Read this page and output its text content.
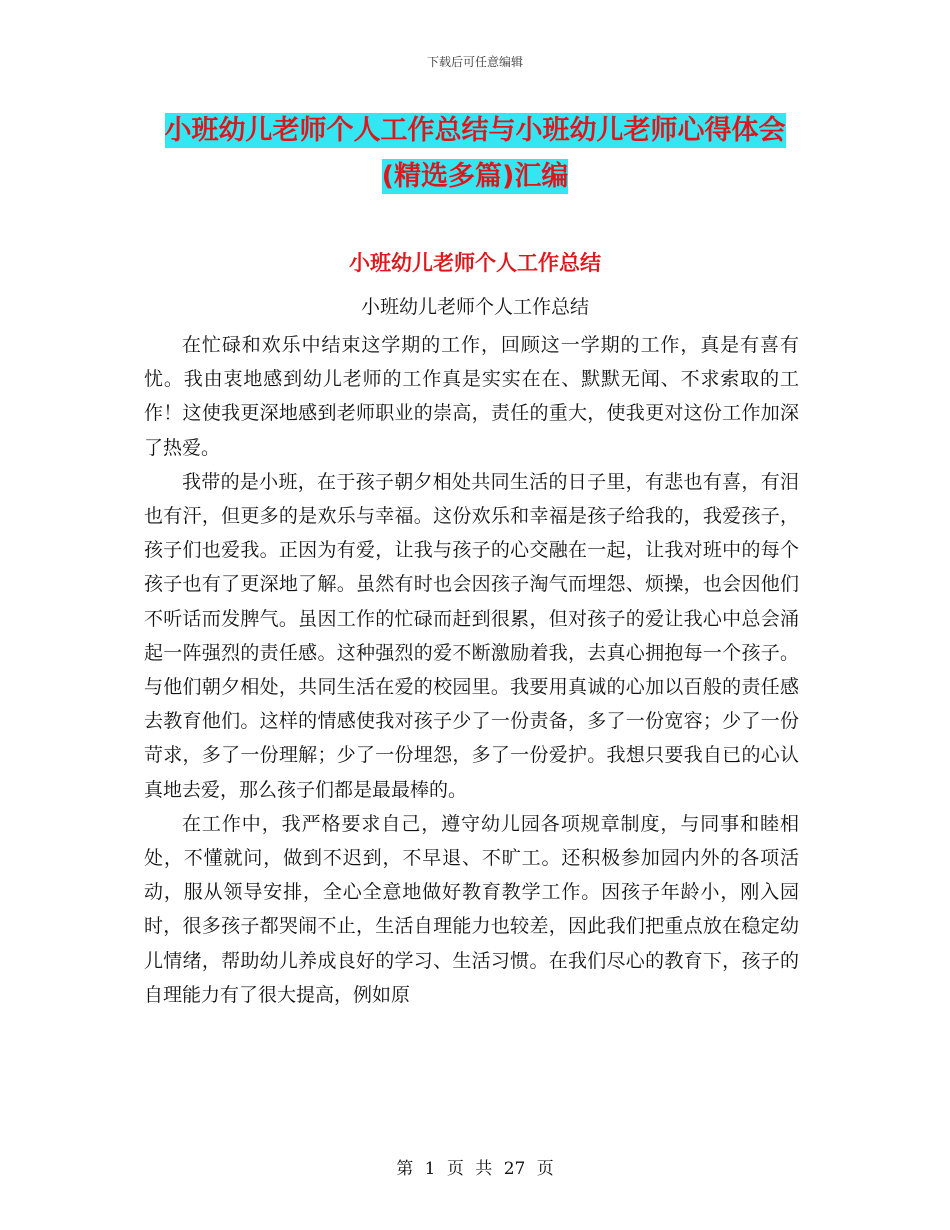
下载后可任意编辑
小班幼儿老师个人工作总结与小班幼儿老师心得体会
(精选多篇)汇编
小班幼儿老师个人工作总结
小班幼儿老师个人工作总结

在忙碌和欢乐中结束这学期的工作，回顾这一学期的工作，真是有喜有忧。我由衷地感到幼儿老师的工作真是实实在在、默默无闻、不求索取的工作！这使我更深地感到老师职业的崇高，责任的重大，使我更对这份工作加深了热爱。

我带的是小班，在于孩子朝夕相处共同生活的日子里，有悲也有喜，有泪也有汗，但更多的是欢乐与幸福。这份欢乐和幸福是孩子给我的，我爱孩子，孩子们也爱我。正因为有爱，让我与孩子的心交融在一起，让我对班中的每个孩子也有了更深地了解。虽然有时也会因孩子淘气而埋怨、烦操，也会因他们不听话而发脾气。虽因工作的忙碌而赶到很累，但对孩子的爱让我心中总会涌起一阵强烈的责任感。这种强烈的爱不断激励着我，去真心拥抱每一个孩子。与他们朝夕相处，共同生活在爱的校园里。我要用真诚的心加以百般的责任感去教育他们。这样的情感使我对孩子少了一份责备，多了一份宽容；少了一份苛求，多了一份理解；少了一份埋怨，多了一份爱护。我想只要我自已的心认真地去爱，那么孩子们都是最最棒的。

在工作中，我严格要求自己，遵守幼儿园各项规章制度，与同事和睦相处，不懂就问，做到不迟到，不早退、不旷工。还积极参加园内外的各项活动，服从领导安排，全心全意地做好教育教学工作。因孩子年龄小，刚入园时，很多孩子都哭闹不止，生活自理能力也较差，因此我们把重点放在稳定幼儿情绪，帮助幼儿养成良好的学习、生活习惯。在我们尽心的教育下，孩子的自理能力有了很大提高，例如原

第 1 页 共 27 页
